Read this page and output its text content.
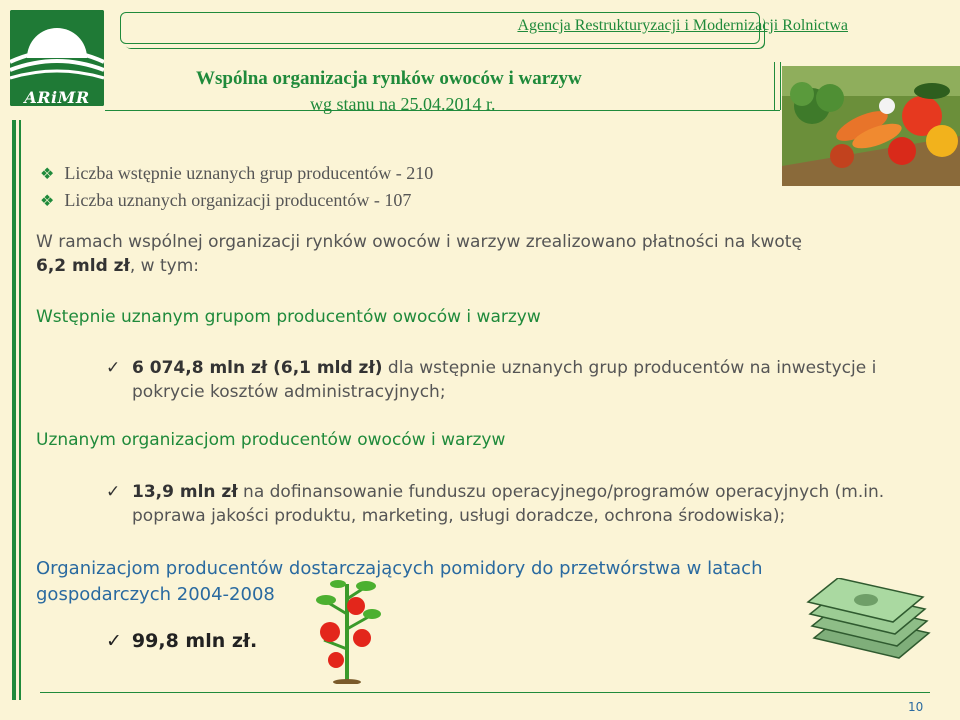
ARiMR
Agencja Restrukturyzacji i Modernizacji Rolnictwa
Wspólna organizacja rynków owoców i warzyw
wg stanu na 25.04.2014 r.
❖ Liczba wstępnie uznanych grup producentów - 210
❖ Liczba uznanych organizacji producentów - 107
W ramach wspólnej organizacji rynków owoców i warzyw zrealizowano płatności na kwotę
6,2 mld zł, w tym:
Wstępnie uznanym grupom producentów owoców i warzyw
✓ 6 074,8 mln zł (6,1 mld zł) dla wstępnie uznanych grup producentów na inwestycje i pokrycie kosztów administracyjnych;
Uznanym organizacjom producentów owoców i warzyw
✓ 13,9 mln zł na dofinansowanie funduszu operacyjnego/programów operacyjnych (m.in. poprawa jakości produktu, marketing, usługi doradcze, ochrona środowiska);
Organizacjom producentów dostarczających pomidory do przetwórstwa w latach gospodarczych 2004-2008
✓ 99,8 mln zł.
10
